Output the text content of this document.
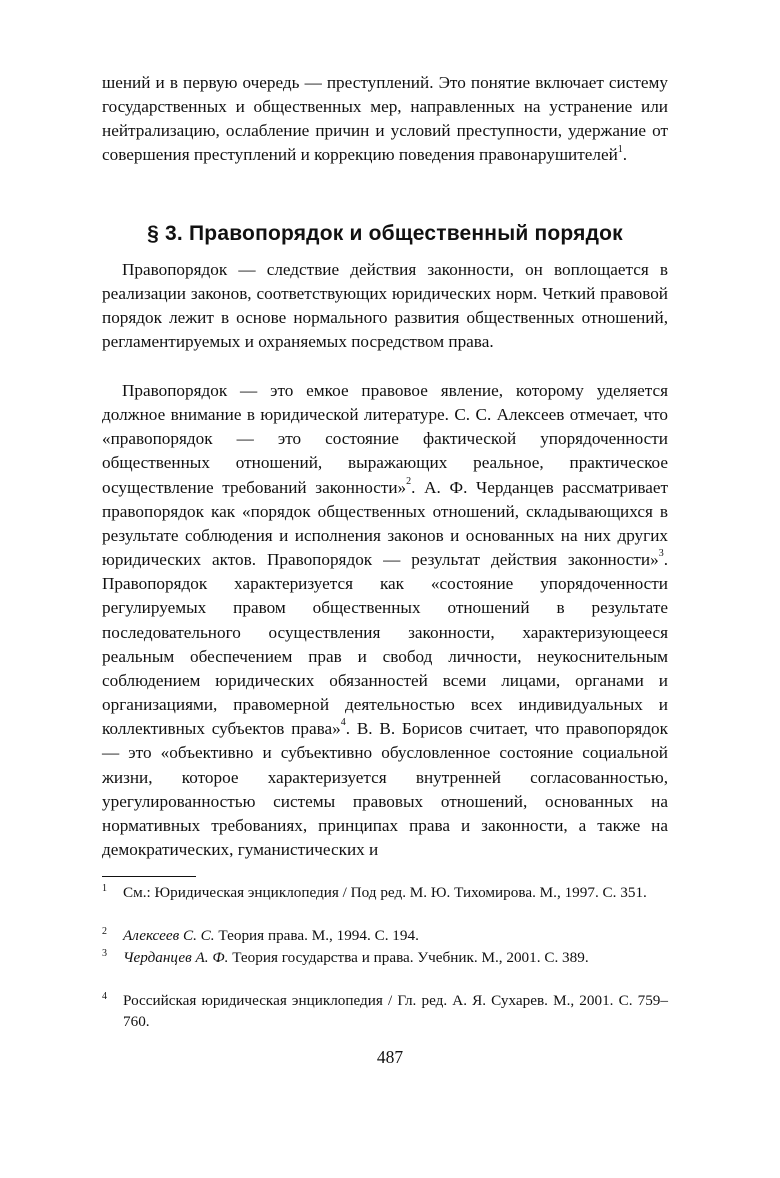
шений и в первую очередь — преступлений. Это понятие включает систему государственных и общественных мер, направленных на устранение или нейтрализацию, ослабление причин и условий преступности, удержание от совершения преступлений и коррекцию поведения правонарушителей$^1$.

§ 3. Правопорядок и общественный порядок

Правопорядок — следствие действия законности, он воплощается в реализации законов, соответствующих юридических норм. Четкий правовой порядок лежит в основе нормального развития общественных отношений, регламентируемых и охраняемых посредством права.

Правопорядок — это емкое правовое явление, которому уделяется должное внимание в юридической литературе. С. С. Алексеев отмечает, что «правопорядок — это состояние фактической упорядоченности общественных отношений, выражающих реальное, практическое осуществление требований законности»$^2$. А. Ф. Черданцев рассматривает правопорядок как «порядок общественных отношений, складывающихся в результате соблюдения и исполнения законов и основанных на них других юридических актов. Правопорядок — результат действия законности»$^3$. Правопорядок характеризуется как «состояние упорядоченности регулируемых правом общественных отношений в результате последовательного осуществления законности, характеризующееся реальным обеспечением прав и свобод личности, неукоснительным соблюдением юридических обязанностей всеми лицами, органами и организациями, правомерной деятельностью всех индивидуальных и коллективных субъектов права»$^4$. В. В. Борисов считает, что правопорядок — это «объективно и субъективно обусловленное состояние социальной жизни, которое характеризуется внутренней согласованностью, урегулированностью системы правовых отношений, основанных на нормативных требованиях, принципах права и законности, а также на демократических, гуманистических и

1	См.: Юридическая энциклопедия / Под ред. М. Ю. Тихомирова. М., 1997. С. 351.
2	Алексеев С. С. Теория права. М., 1994. С. 194.
3	Черданцев А. Ф. Теория государства и права. Учебник. М., 2001. С. 389.
4	Российская юридическая энциклопедия / Гл. ред. А. Я. Сухарев. М., 2001. С. 759–760.
487
